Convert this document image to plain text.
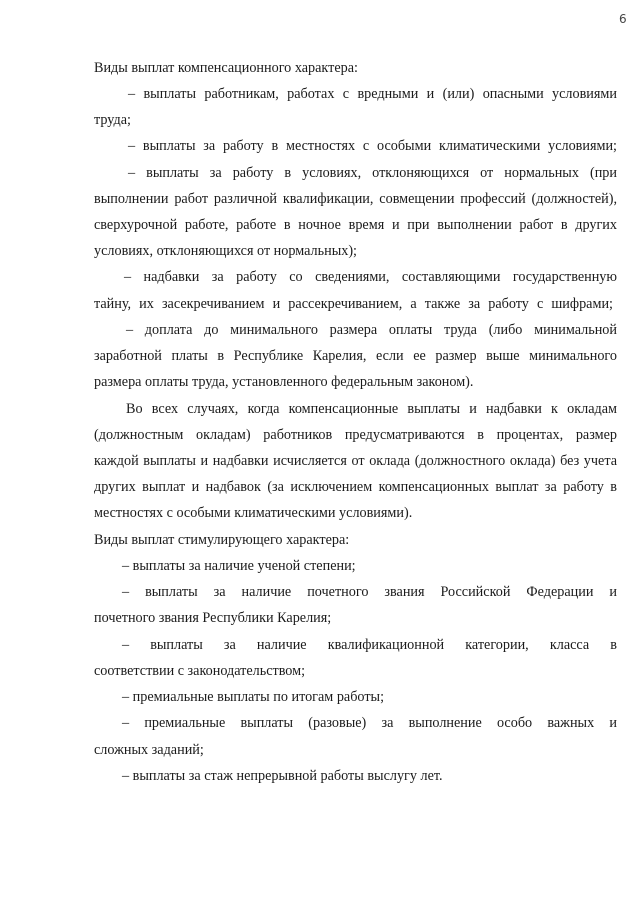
6
Виды выплат компенсационного характера:
– выплаты работникам, работах с вредными и (или) опасными условиями
труда;
– выплаты за работу в местностях с особыми климатическими условиями;
– выплаты за работу в условиях, отклоняющихся от нормальных (при
выполнении работ различной квалификации, совмещении профессий (должностей),
сверхурочной работе, работе в ночное время и при выполнении работ в других
условиях, отклоняющихся от нормальных);
– надбавки за работу со сведениями, составляющими государственную
тайну, их засекречиванием и рассекречиванием, а также за работу с шифрами;
– доплата до минимального размера оплаты труда (либо минимальной
заработной платы в Республике Карелия, если ее размер выше минимального
размера оплаты труда, установленного федеральным законом).
Во всех случаях, когда компенсационные выплаты и надбавки к окладам
(должностным окладам) работников предусматриваются в процентах, размер
каждой выплаты и надбавки исчисляется от оклада (должностного оклада) без учета
других выплат и надбавок (за исключением компенсационных выплат за работу в
местностях с особыми климатическими условиями).
Виды выплат стимулирующего характера:
– выплаты за наличие ученой степени;
– выплаты за наличие почетного звания Российской Федерации и
почетного звания Республики Карелия;
– выплаты за наличие квалификационной категории, класса в
соответствии с законодательством;
– премиальные выплаты по итогам работы;
– премиальные выплаты (разовые) за выполнение особо важных и
сложных заданий;
– выплаты за стаж непрерывной работы выслугу лет.
